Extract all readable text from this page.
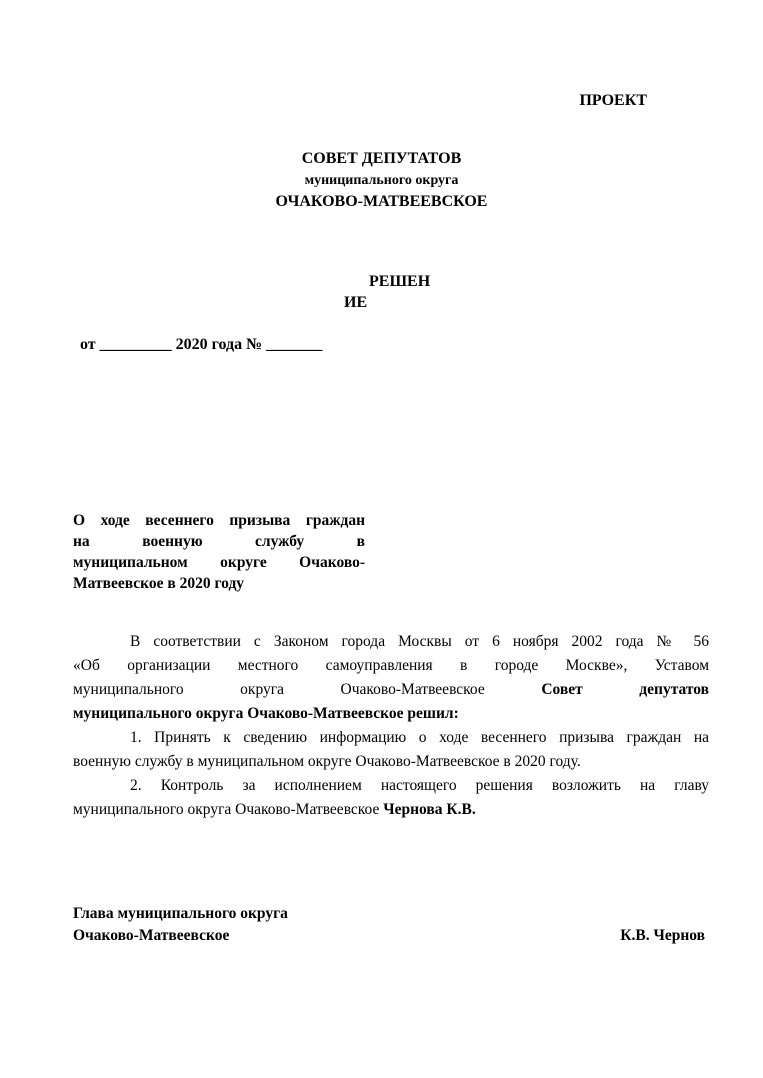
ПРОЕКТ
СОВЕТ ДЕПУТАТОВ
муниципального округа
ОЧАКОВО-МАТВЕЕВСКОЕ
РЕШЕН
ИЕ
от _________ 2020 года № _______
О ходе весеннего призыва граждан
на военную службу в
муниципальном округе Очаково-
Матвеевское в 2020 году
В соответствии с Законом города Москвы от 6 ноября 2002 года № 56
«Об организации местного самоуправления в городе Москве», Уставом
муниципального округа Очаково-Матвеевское Совет депутатов
муниципального округа Очаково-Матвеевское решил:
1. Принять к сведению информацию о ходе весеннего призыва граждан на
военную службу в муниципальном округе Очаково-Матвеевское в 2020 году.
2. Контроль за исполнением настоящего решения возложить на главу
муниципального округа Очаково-Матвеевское Чернова К.В.
Глава муниципального округа
Очаково-Матвеевское	К.В. Чернов
